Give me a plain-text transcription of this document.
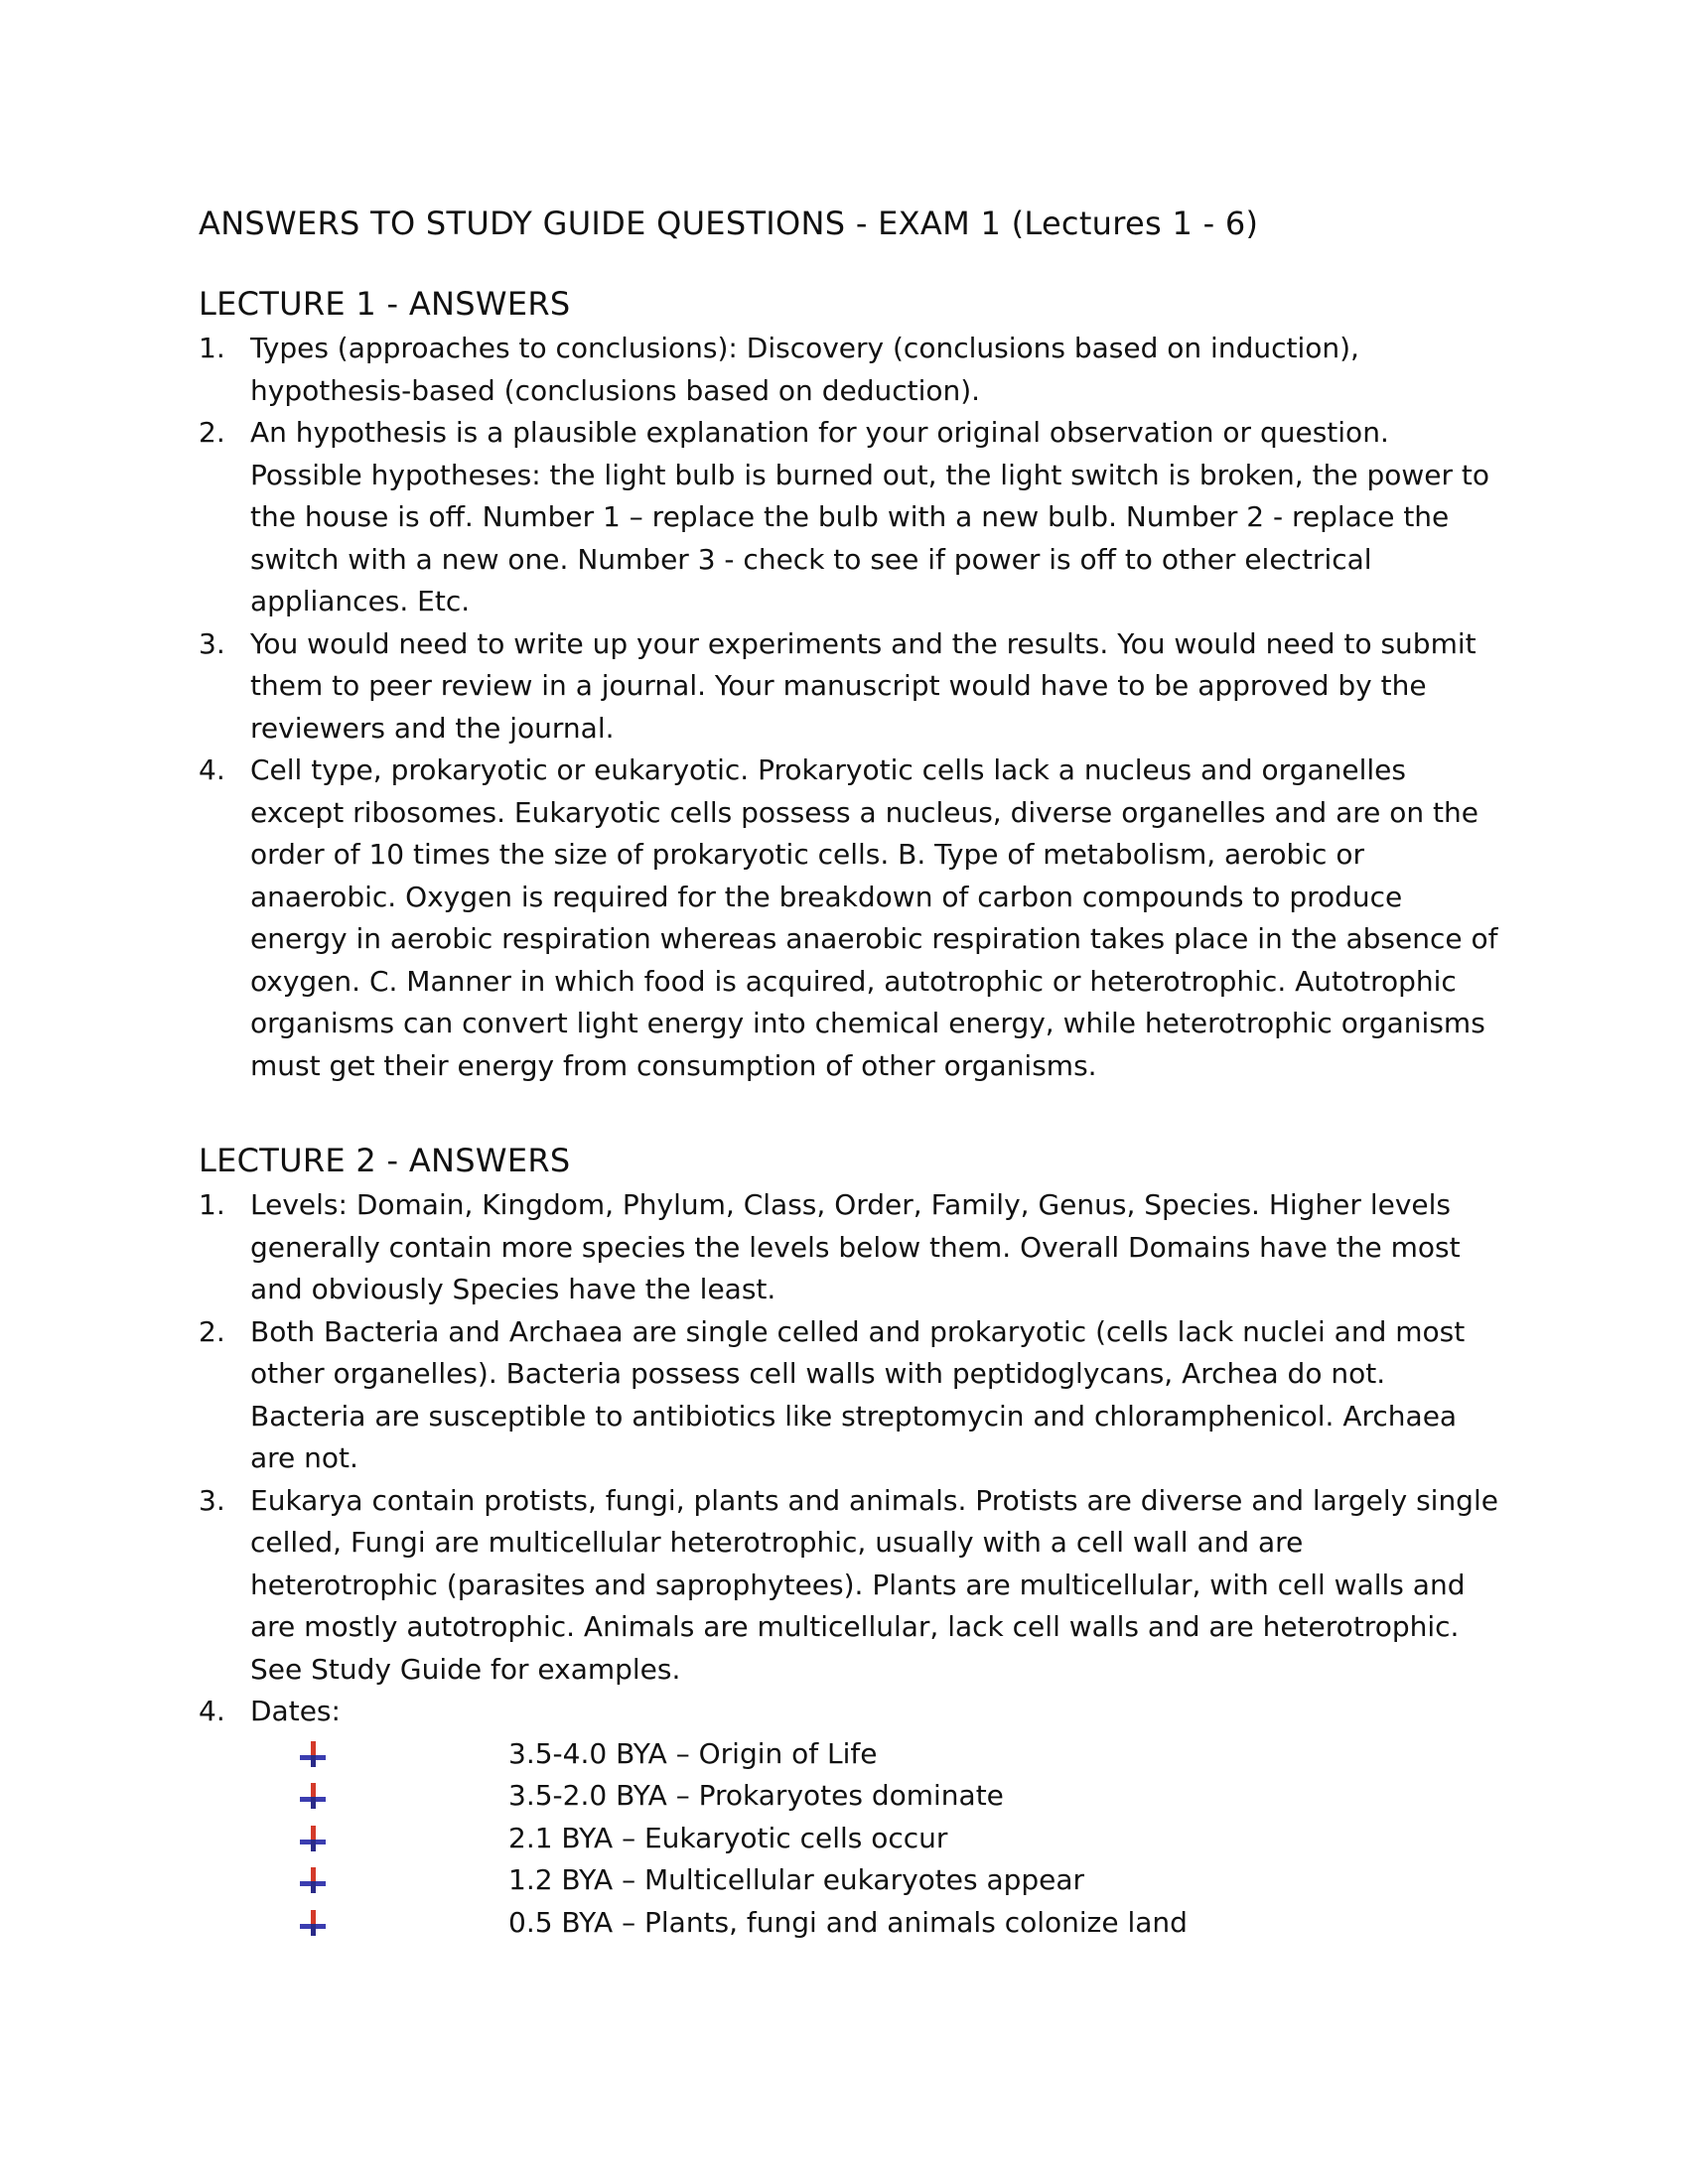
ANSWERS TO STUDY GUIDE QUESTIONS - EXAM 1 (Lectures 1 - 6)
LECTURE 1 - ANSWERS
1. Types (approaches to conclusions): Discovery (conclusions based on induction), hypothesis-based (conclusions based on deduction).
2. An hypothesis is a plausible explanation for your original observation or question. Possible hypotheses: the light bulb is burned out, the light switch is broken, the power to the house is off. Number 1 – replace the bulb with a new bulb. Number 2 - replace the switch with a new one. Number 3 - check to see if power is off to other electrical appliances. Etc.
3. You would need to write up your experiments and the results. You would need to submit them to peer review in a journal. Your manuscript would have to be approved by the reviewers and the journal.
4. Cell type, prokaryotic or eukaryotic. Prokaryotic cells lack a nucleus and organelles except ribosomes. Eukaryotic cells possess a nucleus, diverse organelles and are on the order of 10 times the size of prokaryotic cells. B. Type of metabolism, aerobic or anaerobic. Oxygen is required for the breakdown of carbon compounds to produce energy in aerobic respiration whereas anaerobic respiration takes place in the absence of oxygen. C. Manner in which food is acquired, autotrophic or heterotrophic. Autotrophic organisms can convert light energy into chemical energy, while heterotrophic organisms must get their energy from consumption of other organisms.
LECTURE 2 - ANSWERS
1. Levels: Domain, Kingdom, Phylum, Class, Order, Family, Genus, Species. Higher levels generally contain more species the levels below them. Overall Domains have the most and obviously Species have the least.
2. Both Bacteria and Archaea are single celled and prokaryotic (cells lack nuclei and most other organelles). Bacteria possess cell walls with peptidoglycans, Archea do not. Bacteria are susceptible to antibiotics like streptomycin and chloramphenicol. Archaea are not.
3. Eukarya contain protists, fungi, plants and animals. Protists are diverse and largely single celled, Fungi are multicellular heterotrophic, usually with a cell wall and are heterotrophic (parasites and saprophytees). Plants are multicellular, with cell walls and are mostly autotrophic. Animals are multicellular, lack cell walls and are heterotrophic. See Study Guide for examples.
4. Dates:
3.5-4.0 BYA – Origin of Life
3.5-2.0 BYA – Prokaryotes dominate
2.1 BYA – Eukaryotic cells occur
1.2 BYA – Multicellular eukaryotes appear
0.5 BYA – Plants, fungi and animals colonize land
